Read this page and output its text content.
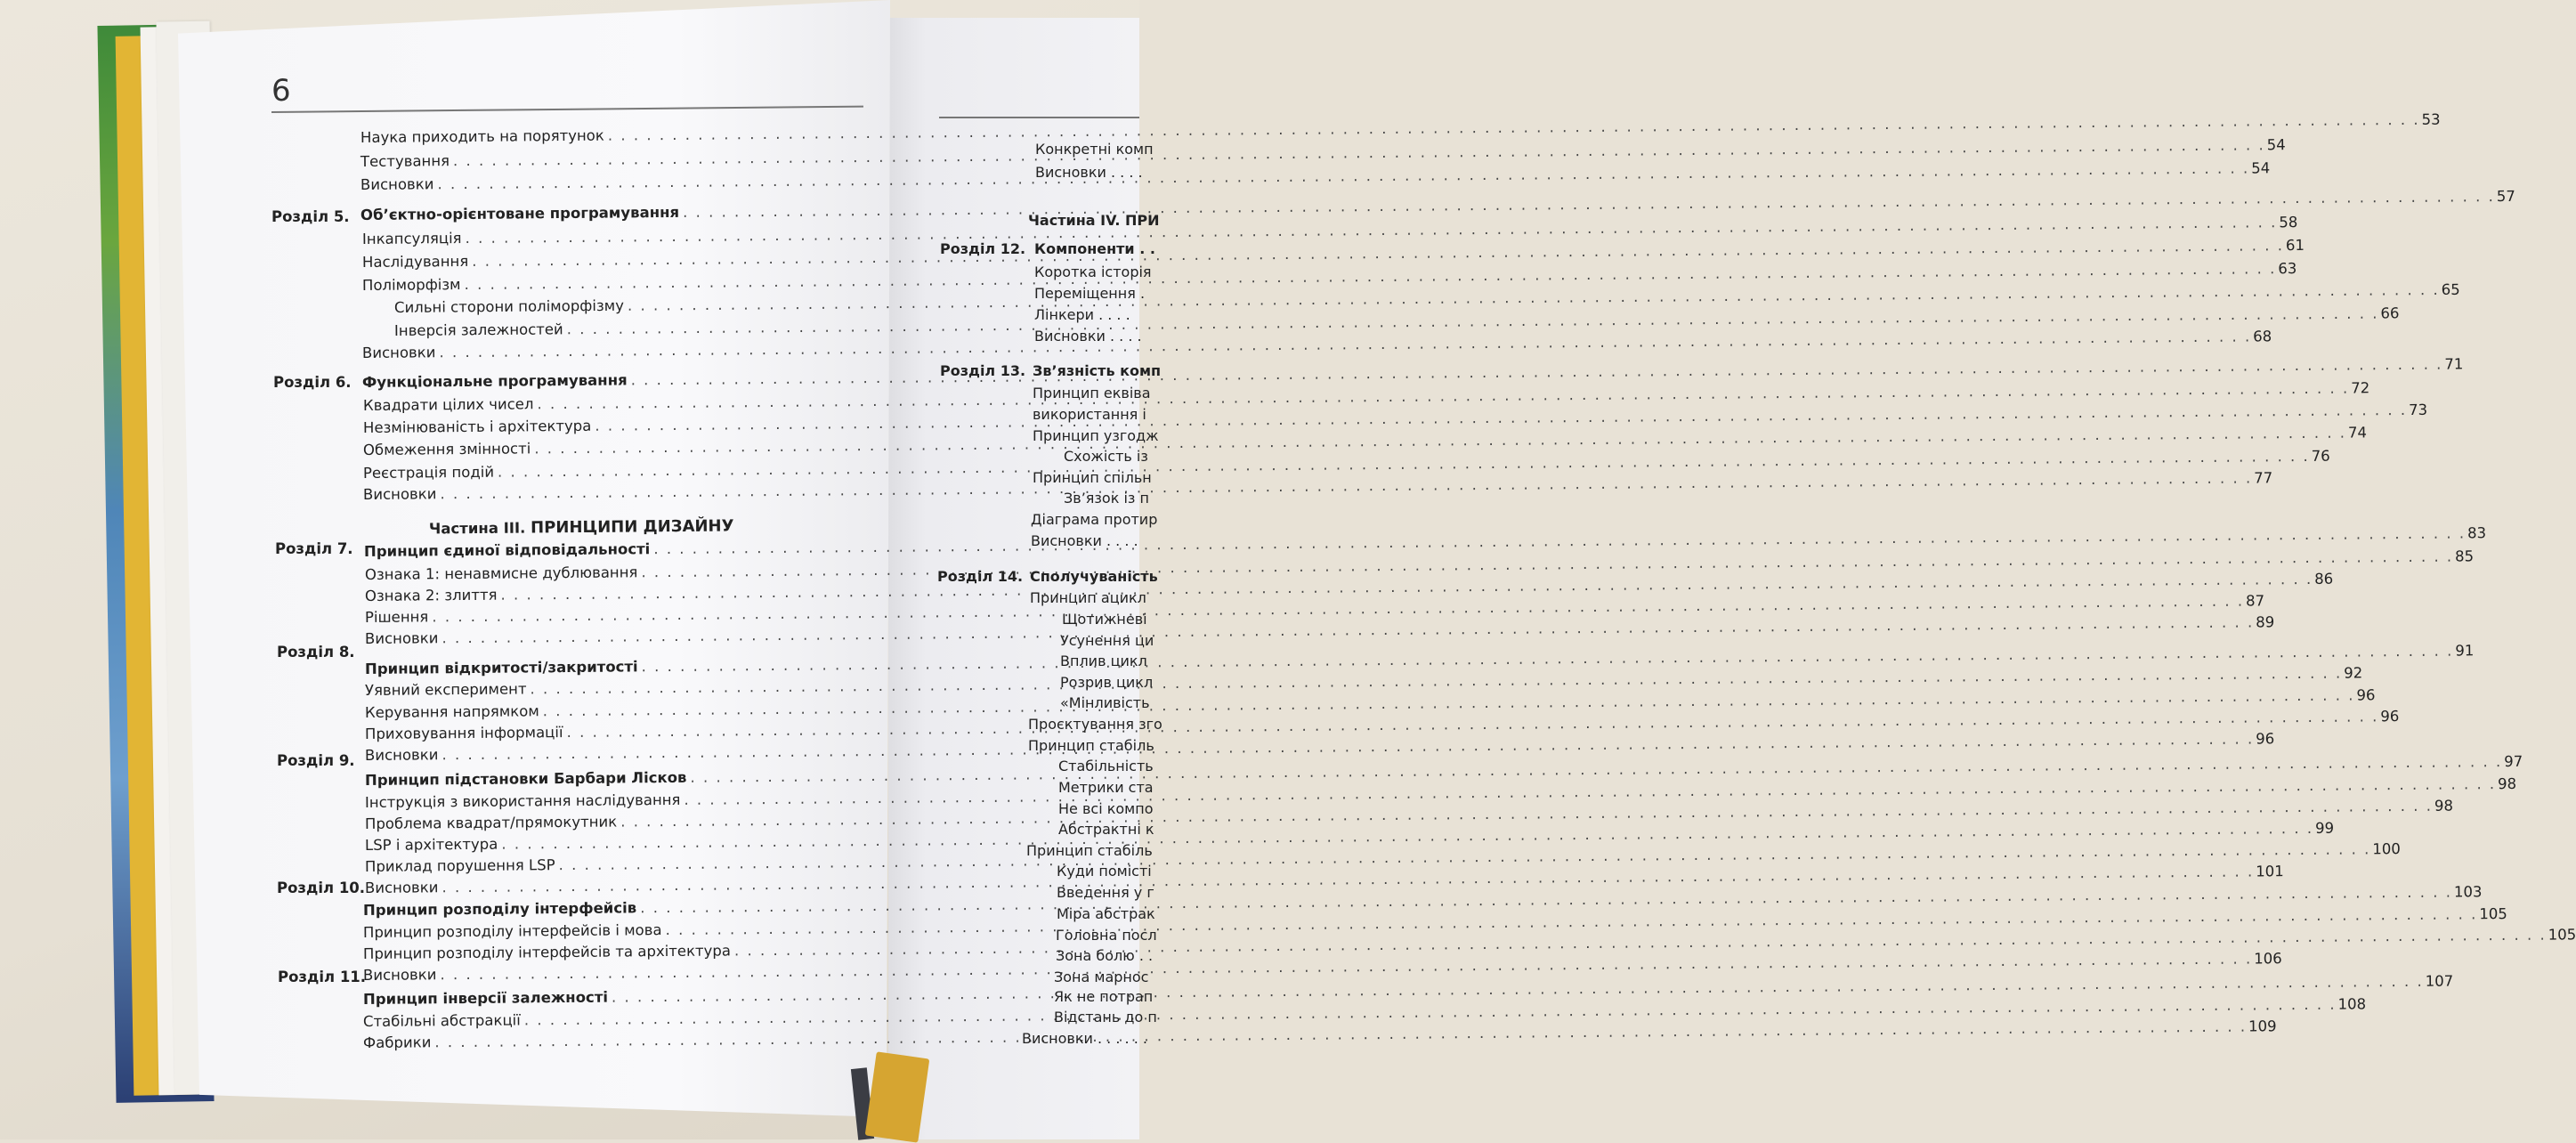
6
Наука приходить на порятунок
. . .
53
Тестування
. . .
54
Висновки
. . .
54
Розділ 5. Об’єктно-орієнтоване програмування
. . .
57
Інкапсуляція
. . .
58
Наслідування
. . .
61
Поліморфізм
. . .
63
Сильні сторони поліморфізму
. . .
65
Інверсія залежностей
. . .
66
Висновки
. . .
68
Розділ 6. Функціональне програмування
. . .
71
Квадрати цілих чисел
. . .
72
Незмінюваність і архітектура
. . .
73
Обмеження змінності
. . .
74
Реєстрація подій
. . .
76
Висновки
. . .
77
Частина III. ПРИНЦИПИ ДИЗАЙНУ
Розділ 7. Принцип єдиної відповідальності
. . .
83
Ознака 1: ненавмисне дублювання
. . .
85
Ознака 2: злиття
. . .
86
Рішення
. . .
87
Висновки
. . .
89
Розділ 8.
Принцип відкритості/закритості
. . .
91
Уявний експеримент
. . .
92
Керування напрямком
. . .
96
Приховування інформації
. . .
96
Висновки
. . .
96
Розділ 9.
Принцип підстановки Барбари Лісков
. . .
97
Інструкція з використання наслідування
. . .
98
Проблема квадрат/прямокутник
. . .
98
LSP і архітектура
. . .
99
Приклад порушення LSP
. . .
100
Висновки
. . .
101
Розділ 10.
Принцип розподілу інтерфейсів
. . .
103
Принцип розподілу інтерфейсів і мова
. . .
105
Принцип розподілу інтерфейсів та архітектура
. . .
105
Висновки
. . .
106
Розділ 11.
Принцип інверсії залежності
. . .
107
Стабільні абстракції
. . .
108
Фабрики
. . .
109
Конкретні комп
Висновки . . . .
Частина IV. ПРИ
Розділ 12. Компоненти . .
Коротка історія
Переміщення .
Лінкери . . . .
Висновки . . . .
Розділ 13. Зв’язність комп
Принцип еквіва
використання і
Принцип узгодж
Схожість із
Принцип спільн
Зв’язок із п
Діаграма протир
Висновки . . . .
Розділ 14. Сполучуваність
Принцип ацикл
Щотижневі
Усунення ци
Вплив цикл
Розрив цикл
«Мінливість
Проєктування зго
Принцип стабіль
Стабільність
Метрики ста
Не всі компо
Абстрактні к
Принцип стабіль
Куди помісті
Введення у г
Міра абстрак
Головна посл
Зона болю . .
Зона марнос
Як не потрап
Відстань до п
Висновки . . . . . .
